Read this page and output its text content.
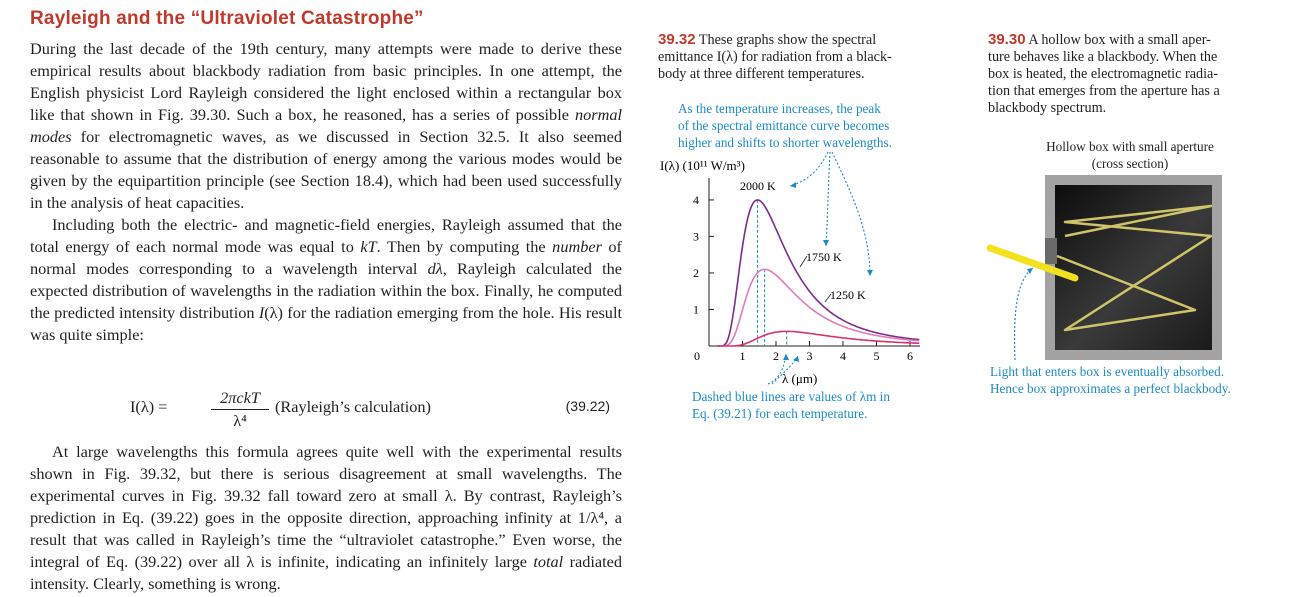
Rayleigh and the “Ultraviolet Catastrophe”

During the last decade of the 19th century, many attempts were made to derive these empirical results about blackbody radiation from basic principles. In one attempt, the English physicist Lord Rayleigh considered the light enclosed within a rectangular box like that shown in Fig. 39.30. Such a box, he reasoned, has a series of possible normal modes for electromagnetic waves, as we discussed in Section 32.5. It also seemed reasonable to assume that the distribution of energy among the various modes would be given by the equipartition principle (see Section 18.4), which had been used successfully in the analysis of heat capacities.

Including both the electric- and magnetic-field energies, Rayleigh assumed that the total energy of each normal mode was equal to kT. Then by computing the number of normal modes corresponding to a wavelength interval dλ, Rayleigh calculated the expected distribution of wavelengths in the radiation within the box. Finally, he computed the predicted intensity distribution I(λ) for the radiation emerging from the hole. His result was quite simple:

I(λ) =	2πckT
λ⁴
(Rayleigh’s calculation)	(39.22)

At large wavelengths this formula agrees quite well with the experimental results shown in Fig. 39.32, but there is serious disagreement at small wavelengths. The experimental curves in Fig. 39.32 fall toward zero at small λ. By contrast, Rayleigh’s prediction in Eq. (39.22) goes in the opposite direction, approaching infinity at 1/λ⁴, a result that was called in Rayleigh’s time the “ultraviolet catastrophe.” Even worse, the integral of Eq. (39.22) over all λ is infinite, indicating an infinitely large total radiated intensity. Clearly, something is wrong.

39.32 These graphs show the spectral
emittance I(λ) for radiation from a black-
body at three different temperatures.
As the temperature increases, the peak
of the spectral emittance curve becomes
higher and shifts to shorter wavelengths.
I(λ) (10¹¹ W/m³)
0	1 2 3 4 5 6
1
2
3
4
2000 K
1750 K
1250 K
λ (μm)
Dashed blue lines are values of λm in
Eq. (39.21) for each temperature.
39.30 A hollow box with a small aper-
ture behaves like a blackbody. When the
box is heated, the electromagnetic radia-
tion that emerges from the aperture has a
blackbody spectrum.
Hollow box with small aperture
(cross section)
Light that enters box is eventually absorbed.
Hence box approximates a perfect blackbody.
